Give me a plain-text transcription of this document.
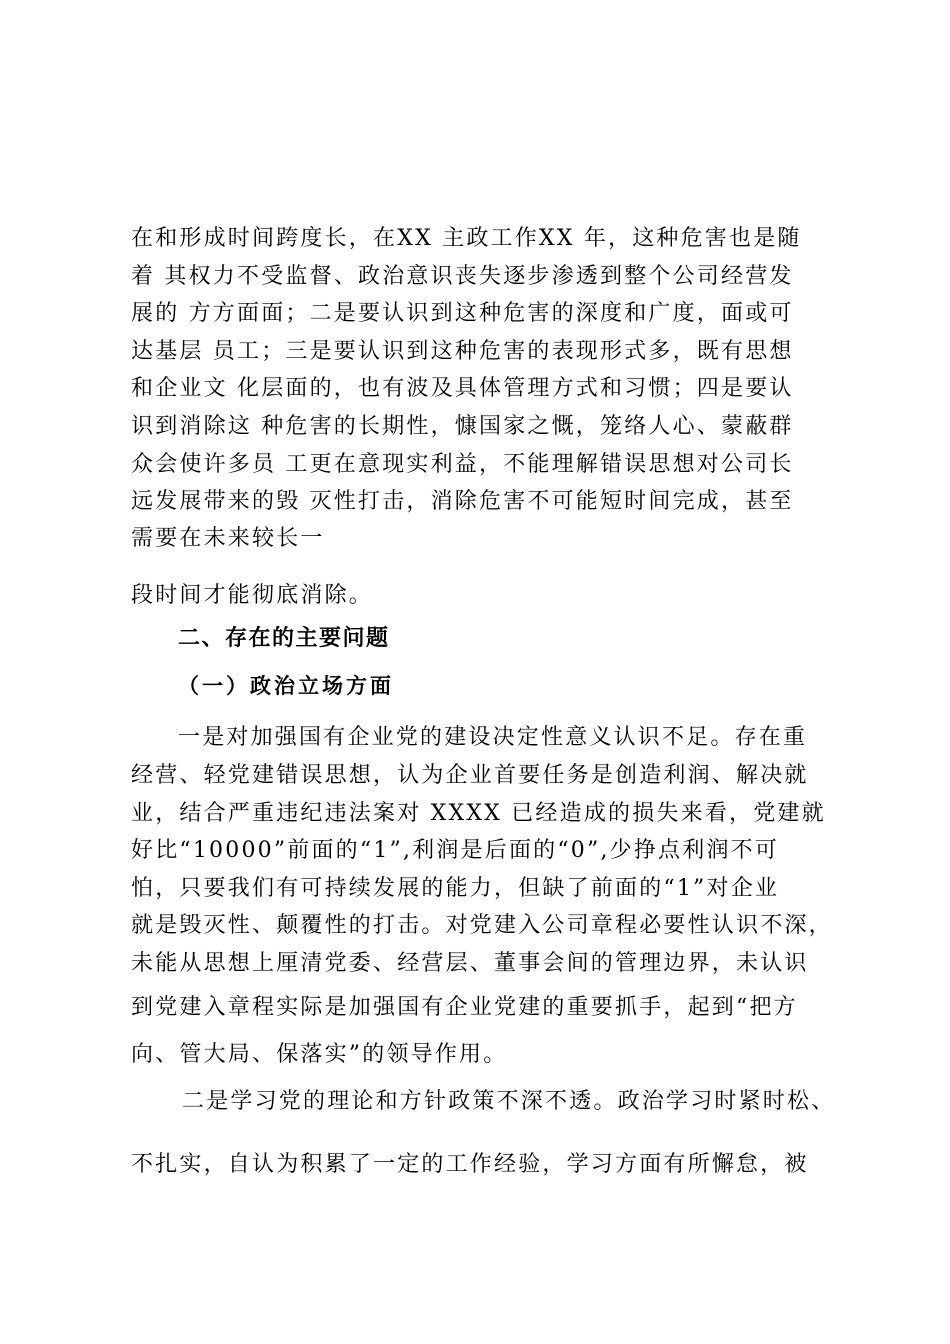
在和形成时间跨度长，在XX 主政工作XX 年，这种危害也是随
着 其权力不受监督、政治意识丧失逐步渗透到整个公司经营发
展的 方方面面；二是要认识到这种危害的深度和广度，面或可
达基层 员工；三是要认识到这种危害的表现形式多，既有思想
和企业文 化层面的，也有波及具体管理方式和习惯；四是要认
识到消除这 种危害的长期性，慷国家之慨，笼络人心、蒙蔽群
众会使许多员 工更在意现实利益，不能理解错误思想对公司长
远发展带来的毁 灭性打击，消除危害不可能短时间完成，甚至
需要在未来较长一
段时间才能彻底消除。
二、存在的主要问题
（一）政治立场方面
一是对加强国有企业党的建设决定性意义认识不足。存在重
经营、轻党建错误思想，认为企业首要任务是创造利润、解决就
业，结合严重违纪违法案对 XXXX 已经造成的损失来看，党建就
好比“10000”前面的“1”,利润是后面的“0”,少挣点利润不可
怕，只要我们有可持续发展的能力，但缺了前面的“1”对企业
就是毁灭性、颠覆性的打击。对党建入公司章程必要性认识不深，
未能从思想上厘清党委、经营层、董事会间的管理边界，未认识
到党建入章程实际是加强国有企业党建的重要抓手，起到“把方
向、管大局、保落实”的领导作用。
二是学习党的理论和方针政策不深不透。政治学习时紧时松、
不扎实，自认为积累了一定的工作经验，学习方面有所懈怠，被
